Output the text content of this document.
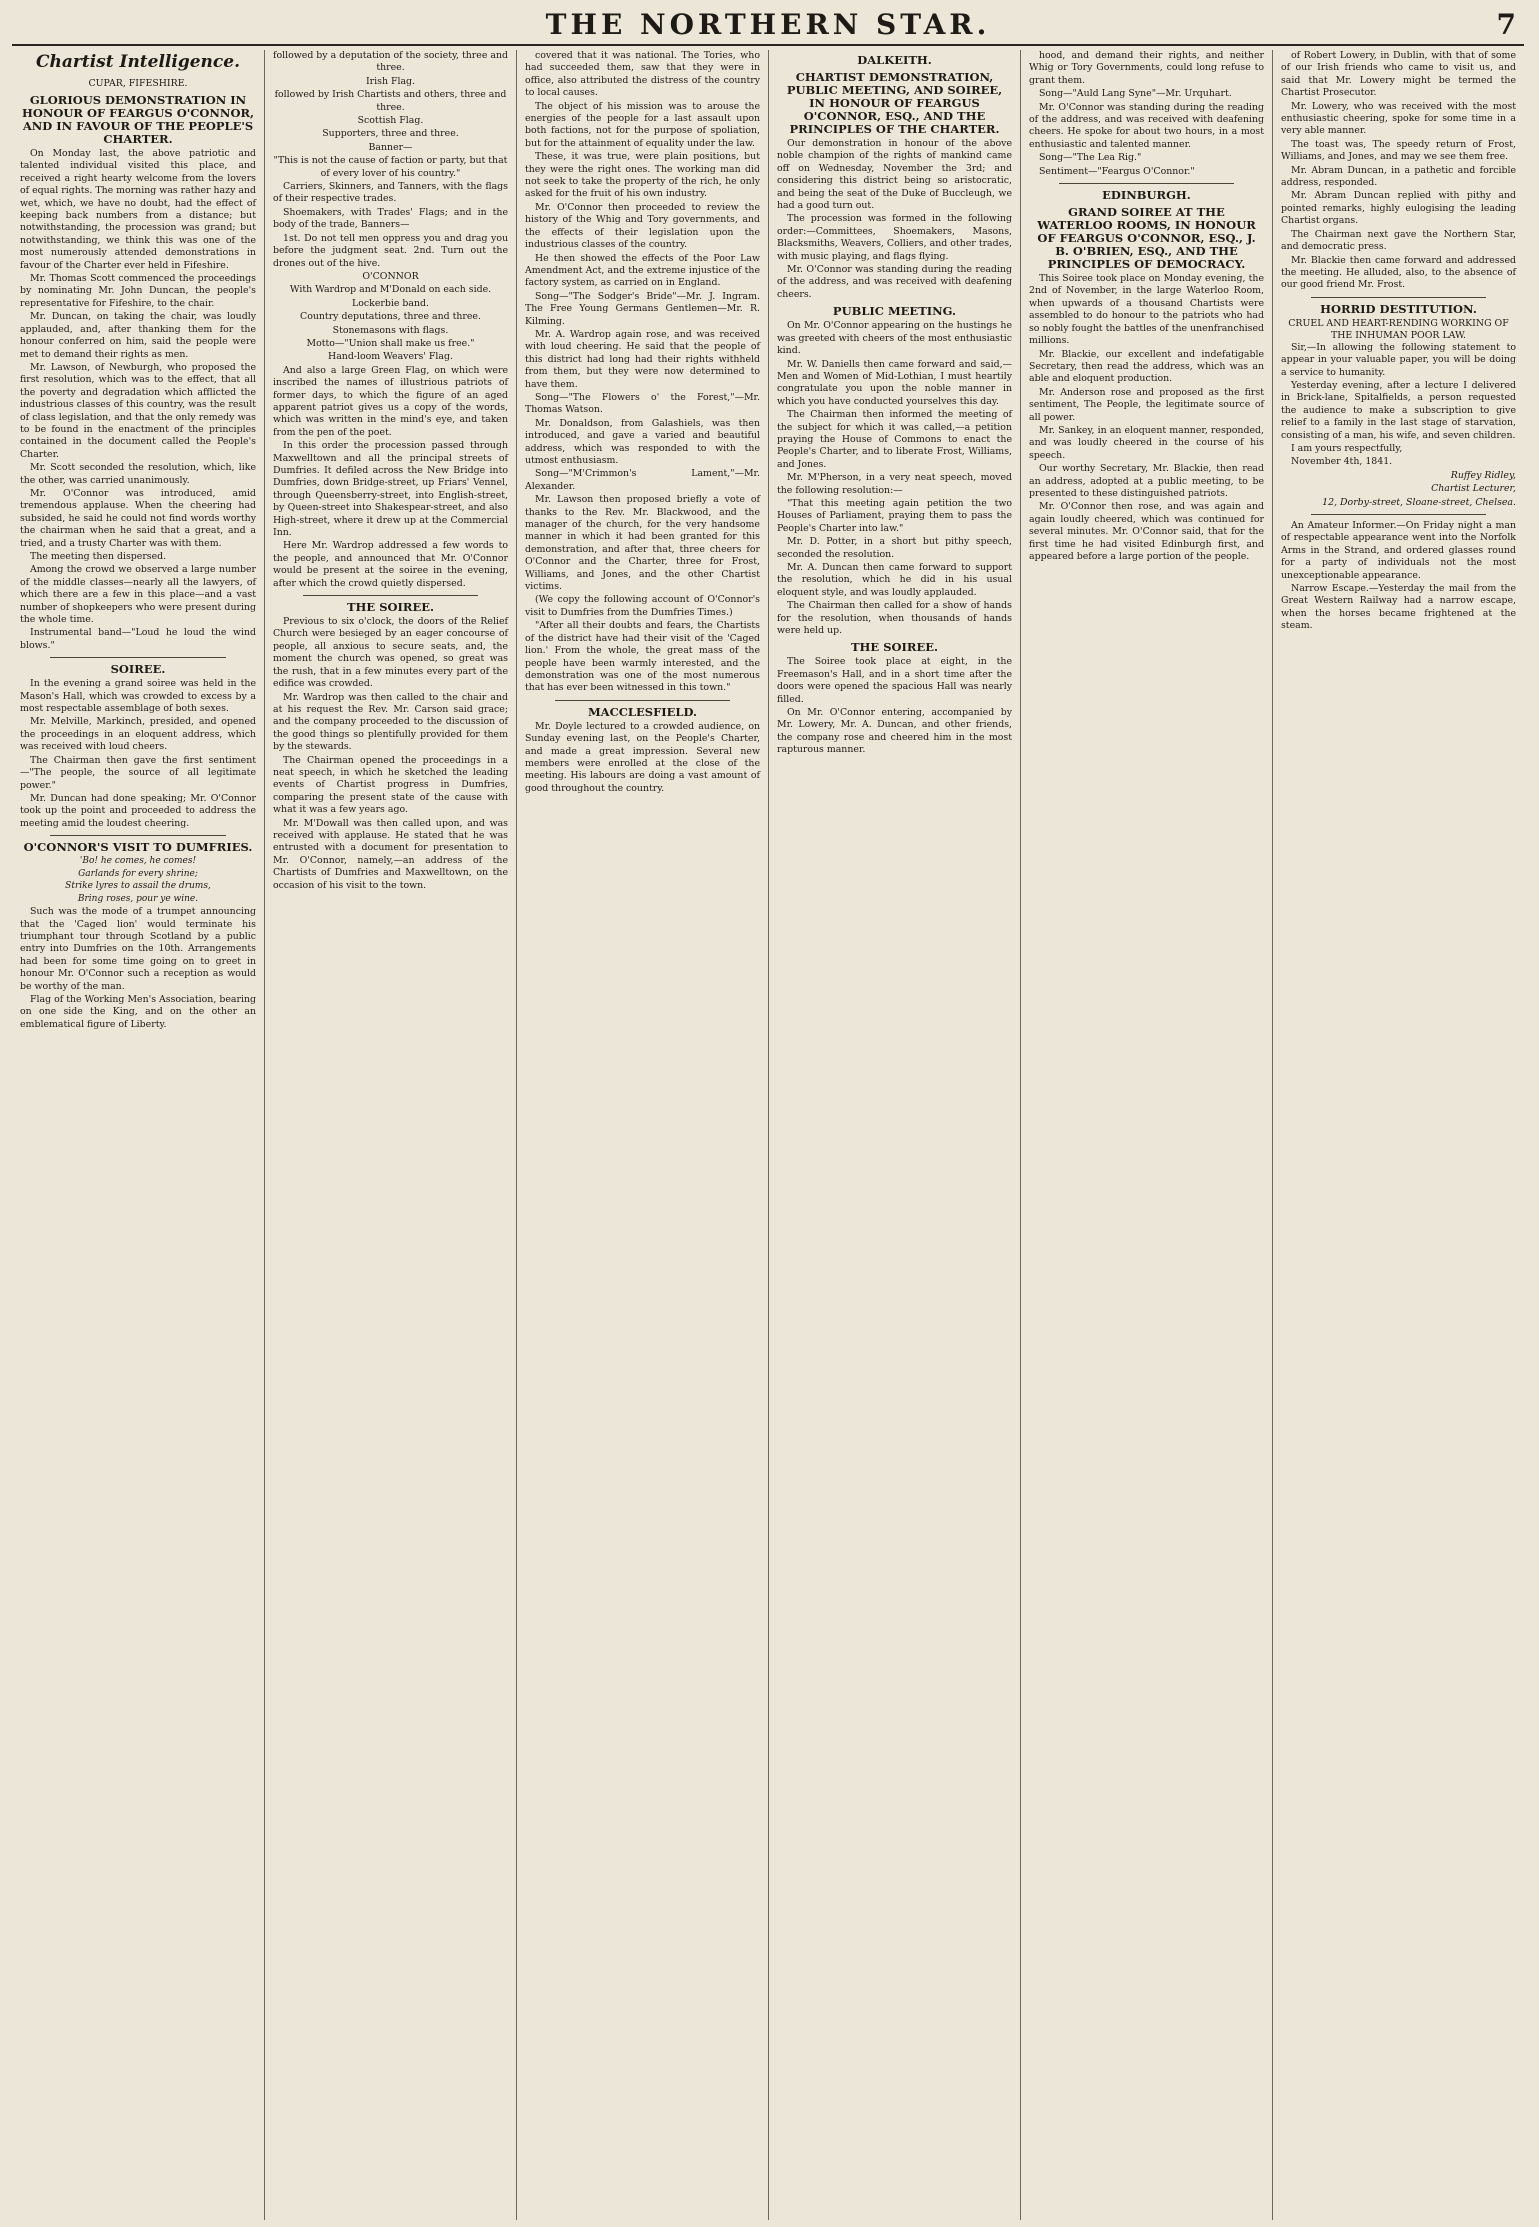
THE NORTHERN STAR.	7
Chartist Intelligence.
CUPAR, FIFESHIRE.
GLORIOUS DEMONSTRATION IN HONOUR OF FEARGUS O'CONNOR, AND IN FAVOUR OF THE PEOPLE'S CHARTER.

On Monday last, the above patriotic and talented individual visited this place, and received a right hearty welcome from the lovers of equal rights. The morning was rather hazy and wet, which, we have no doubt, had the effect of keeping back numbers from a distance; but notwithstanding, the procession was grand; but notwithstanding, we think this was one of the most numerously attended demonstrations in favour of the Charter ever held in Fifeshire.

Mr. Thomas Scott commenced the proceedings by nominating Mr. John Duncan, the people's representative for Fifeshire, to the chair.

Mr. Duncan, on taking the chair, was loudly applauded, and, after thanking them for the honour conferred on him, said the people were met to demand their rights as men.

Mr. Lawson, of Newburgh, who proposed the first resolution, which was to the effect, that all the poverty and degradation which afflicted the industrious classes of this country, was the result of class legislation, and that the only remedy was to be found in the enactment of the principles contained in the document called the People's Charter.

Mr. Scott seconded the resolution, which, like the other, was carried unanimously.

Mr. O'Connor was introduced, amid tremendous applause. When the cheering had subsided, he said he could not find words worthy the chairman when he said that a great, and a tried, and a trusty Charter was with them.

The meeting then dispersed.

Among the crowd we observed a large number of the middle classes—nearly all the lawyers, of which there are a few in this place—and a vast number of shopkeepers who were present during the whole time.

Instrumental band—"Loud he loud the wind blows."

SOIREE.

In the evening a grand soiree was held in the Mason's Hall, which was crowded to excess by a most respectable assemblage of both sexes.

Mr. Melville, Markinch, presided, and opened the proceedings in an eloquent address, which was received with loud cheers.

The Chairman then gave the first sentiment—"The people, the source of all legitimate power."

Mr. Duncan had done speaking; Mr. O'Connor took up the point and proceeded to address the meeting amid the loudest cheering.

O'CONNOR'S VISIT TO DUMFRIES.

'Bo! he comes, he comes!

Garlands for every shrine;

Strike lyres to assail the drums,

Bring roses, pour ye wine.

Such was the mode of a trumpet announcing that the 'Caged lion' would terminate his triumphant tour through Scotland by a public entry into Dumfries on the 10th. Arrangements had been for some time going on to greet in honour Mr. O'Connor such a reception as would be worthy of the man.

Flag of the Working Men's Association, bearing on one side the King, and on the other an emblematical figure of Liberty.

followed by a deputation of the society, three and three.

Irish Flag.

followed by Irish Chartists and others, three and three.

Scottish Flag.

Supporters, three and three.

Banner—

"This is not the cause of faction or party, but that of every lover of his country."

Carriers, Skinners, and Tanners, with the flags of their respective trades.

Shoemakers, with Trades' Flags; and in the body of the trade, Banners—

1st. Do not tell men oppress you and drag you before the judgment seat. 2nd. Turn out the drones out of the hive.

O'CONNOR

With Wardrop and M'Donald on each side.

Lockerbie band.

Country deputations, three and three.

Stonemasons with flags.

Motto—"Union shall make us free."

Hand-loom Weavers' Flag.

And also a large Green Flag, on which were inscribed the names of illustrious patriots of former days, to which the figure of an aged apparent patriot gives us a copy of the words, which was written in the mind's eye, and taken from the pen of the poet.

In this order the procession passed through Maxwelltown and all the principal streets of Dumfries. It defiled across the New Bridge into Dumfries, down Bridge-street, up Friars' Vennel, through Queensberry-street, into English-street, by Queen-street into Shakespear-street, and also High-street, where it drew up at the Commercial Inn.

Here Mr. Wardrop addressed a few words to the people, and announced that Mr. O'Connor would be present at the soiree in the evening, after which the crowd quietly dispersed.

THE SOIREE.

Previous to six o'clock, the doors of the Relief Church were besieged by an eager concourse of people, all anxious to secure seats, and, the moment the church was opened, so great was the rush, that in a few minutes every part of the edifice was crowded.

Mr. Wardrop was then called to the chair and at his request the Rev. Mr. Carson said grace; and the company proceeded to the discussion of the good things so plentifully provided for them by the stewards.

The Chairman opened the proceedings in a neat speech, in which he sketched the leading events of Chartist progress in Dumfries, comparing the present state of the cause with what it was a few years ago.

Mr. M'Dowall was then called upon, and was received with applause. He stated that he was entrusted with a document for presentation to Mr. O'Connor, namely,—an address of the Chartists of Dumfries and Maxwelltown, on the occasion of his visit to the town.

covered that it was national. The Tories, who had succeeded them, saw that they were in office, also attributed the distress of the country to local causes.

The object of his mission was to arouse the energies of the people for a last assault upon both factions, not for the purpose of spoliation, but for the attainment of equality under the law.

These, it was true, were plain positions, but they were the right ones. The working man did not seek to take the property of the rich, he only asked for the fruit of his own industry.

Mr. O'Connor then proceeded to review the history of the Whig and Tory governments, and the effects of their legislation upon the industrious classes of the country.

He then showed the effects of the Poor Law Amendment Act, and the extreme injustice of the factory system, as carried on in England.

Song—"The Sodger's Bride"—Mr. J. Ingram. The Free Young Germans Gentlemen—Mr. R. Kilming.

Mr. A. Wardrop again rose, and was received with loud cheering. He said that the people of this district had long had their rights withheld from them, but they were now determined to have them.

Song—"The Flowers o' the Forest,"—Mr. Thomas Watson.

Mr. Donaldson, from Galashiels, was then introduced, and gave a varied and beautiful address, which was responded to with the utmost enthusiasm.

Song—"M'Crimmon's Lament,"—Mr. Alexander.

Mr. Lawson then proposed briefly a vote of thanks to the Rev. Mr. Blackwood, and the manager of the church, for the very handsome manner in which it had been granted for this demonstration, and after that, three cheers for O'Connor and the Charter, three for Frost, Williams, and Jones, and the other Chartist victims.

(We copy the following account of O'Connor's visit to Dumfries from the Dumfries Times.)

"After all their doubts and fears, the Chartists of the district have had their visit of the 'Caged lion.' From the whole, the great mass of the people have been warmly interested, and the demonstration was one of the most numerous that has ever been witnessed in this town."

MACCLESFIELD.

Mr. Doyle lectured to a crowded audience, on Sunday evening last, on the People's Charter, and made a great impression. Several new members were enrolled at the close of the meeting. His labours are doing a vast amount of good throughout the country.

DALKEITH.
CHARTIST DEMONSTRATION, PUBLIC MEETING, AND SOIREE, IN HONOUR OF FEARGUS O'CONNOR, ESQ., AND THE PRINCIPLES OF THE CHARTER.

Our demonstration in honour of the above noble champion of the rights of mankind came off on Wednesday, November the 3rd; and considering this district being so aristocratic, and being the seat of the Duke of Buccleugh, we had a good turn out.

The procession was formed in the following order:—Committees, Shoemakers, Masons, Blacksmiths, Weavers, Colliers, and other trades, with music playing, and flags flying.

Mr. O'Connor was standing during the reading of the address, and was received with deafening cheers.

PUBLIC MEETING.

On Mr. O'Connor appearing on the hustings he was greeted with cheers of the most enthusiastic kind.

Mr. W. Daniells then came forward and said,—Men and Women of Mid-Lothian, I must heartily congratulate you upon the noble manner in which you have conducted yourselves this day.

The Chairman then informed the meeting of the subject for which it was called,—a petition praying the House of Commons to enact the People's Charter, and to liberate Frost, Williams, and Jones.

Mr. M'Pherson, in a very neat speech, moved the following resolution:—

"That this meeting again petition the two Houses of Parliament, praying them to pass the People's Charter into law."

Mr. D. Potter, in a short but pithy speech, seconded the resolution.

Mr. A. Duncan then came forward to support the resolution, which he did in his usual eloquent style, and was loudly applauded.

The Chairman then called for a show of hands for the resolution, when thousands of hands were held up.

THE SOIREE.

The Soiree took place at eight, in the Freemason's Hall, and in a short time after the doors were opened the spacious Hall was nearly filled.

On Mr. O'Connor entering, accompanied by Mr. Lowery, Mr. A. Duncan, and other friends, the company rose and cheered him in the most rapturous manner.

hood, and demand their rights, and neither Whig or Tory Governments, could long refuse to grant them.

Song—"Auld Lang Syne"—Mr. Urquhart.

Mr. O'Connor was standing during the reading of the address, and was received with deafening cheers. He spoke for about two hours, in a most enthusiastic and talented manner.

Song—"The Lea Rig."

Sentiment—"Feargus O'Connor."

EDINBURGH.
GRAND SOIREE AT THE WATERLOO ROOMS, IN HONOUR OF FEARGUS O'CONNOR, ESQ., J. B. O'BRIEN, ESQ., AND THE PRINCIPLES OF DEMOCRACY.

This Soiree took place on Monday evening, the 2nd of November, in the large Waterloo Room, when upwards of a thousand Chartists were assembled to do honour to the patriots who had so nobly fought the battles of the unenfranchised millions.

Mr. Blackie, our excellent and indefatigable Secretary, then read the address, which was an able and eloquent production.

Mr. Anderson rose and proposed as the first sentiment, The People, the legitimate source of all power.

Mr. Sankey, in an eloquent manner, responded, and was loudly cheered in the course of his speech.

Our worthy Secretary, Mr. Blackie, then read an address, adopted at a public meeting, to be presented to these distinguished patriots.

Mr. O'Connor then rose, and was again and again loudly cheered, which was continued for several minutes. Mr. O'Connor said, that for the first time he had visited Edinburgh first, and appeared before a large portion of the people.

of Robert Lowery, in Dublin, with that of some of our Irish friends who came to visit us, and said that Mr. Lowery might be termed the Chartist Prosecutor.

Mr. Lowery, who was received with the most enthusiastic cheering, spoke for some time in a very able manner.

The toast was, The speedy return of Frost, Williams, and Jones, and may we see them free.

Mr. Abram Duncan, in a pathetic and forcible address, responded.

Mr. Abram Duncan replied with pithy and pointed remarks, highly eulogising the leading Chartist organs.

The Chairman next gave the Northern Star, and democratic press.

Mr. Blackie then came forward and addressed the meeting. He alluded, also, to the absence of our good friend Mr. Frost.

HORRID DESTITUTION.
CRUEL AND HEART-RENDING WORKING OF THE INHUMAN POOR LAW.

Sir,—In allowing the following statement to appear in your valuable paper, you will be doing a service to humanity.

Yesterday evening, after a lecture I delivered in Brick-lane, Spitalfields, a person requested the audience to make a subscription to give relief to a family in the last stage of starvation, consisting of a man, his wife, and seven children.

I am yours respectfully,

November 4th, 1841.

Ruffey Ridley,

Chartist Lecturer,

12, Dorby-street, Sloane-street, Chelsea.

An Amateur Informer.—On Friday night a man of respectable appearance went into the Norfolk Arms in the Strand, and ordered glasses round for a party of individuals not the most unexceptionable appearance.

Narrow Escape.—Yesterday the mail from the Great Western Railway had a narrow escape, when the horses became frightened at the steam.
